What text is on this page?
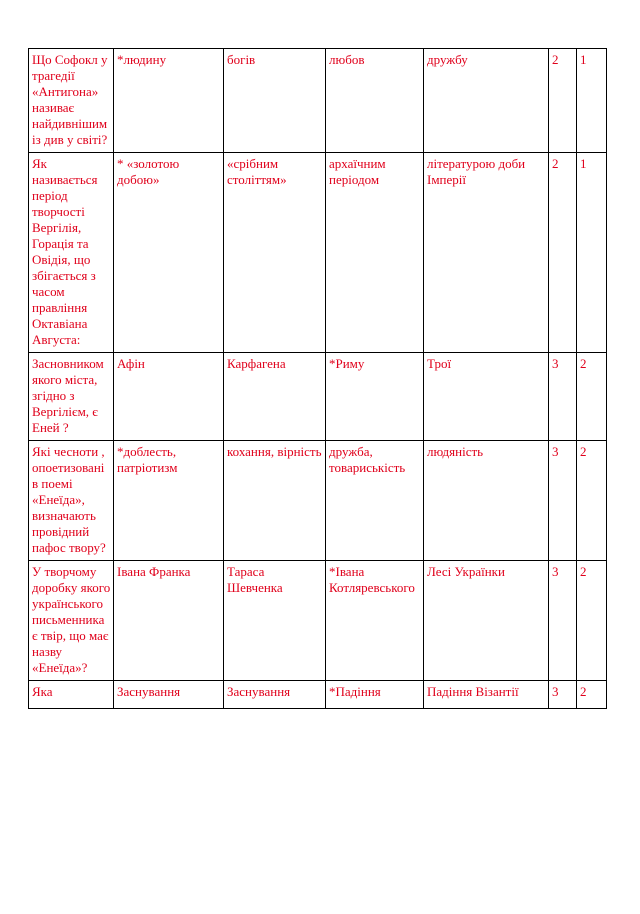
Що Софокл у трагедії «Антигона» називає найдивнішим із див у світі?	*людину	богів	любов	дружбу	2	1
Як називається період творчості Вергілія, Горація та Овідія, що збігається з часом правління Октавіана Августа:	* «золотою добою»	«срібним століттям»	архаїчним періодом	літературою доби Імперії	2	1
Засновником якого міста, згідно з Вергілієм, є Еней ?	Афін	Карфагена	*Риму	Трої	3	2
Які чесноти , опоетизовані в поемі «Енеїда», визначають провідний пафос твору?	*доблесть, патріотизм	кохання, вірність	дружба, товариськість	людяність	3	2
У творчому доробку якого українського письменника є твір, що має назву «Енеїда»?	Івана Франка	Тараса Шевченка	*Івана Котляревського	Лесі Українки	3	2
Яка	Заснування	Заснування	*Падіння	Падіння Візантії	3	2
